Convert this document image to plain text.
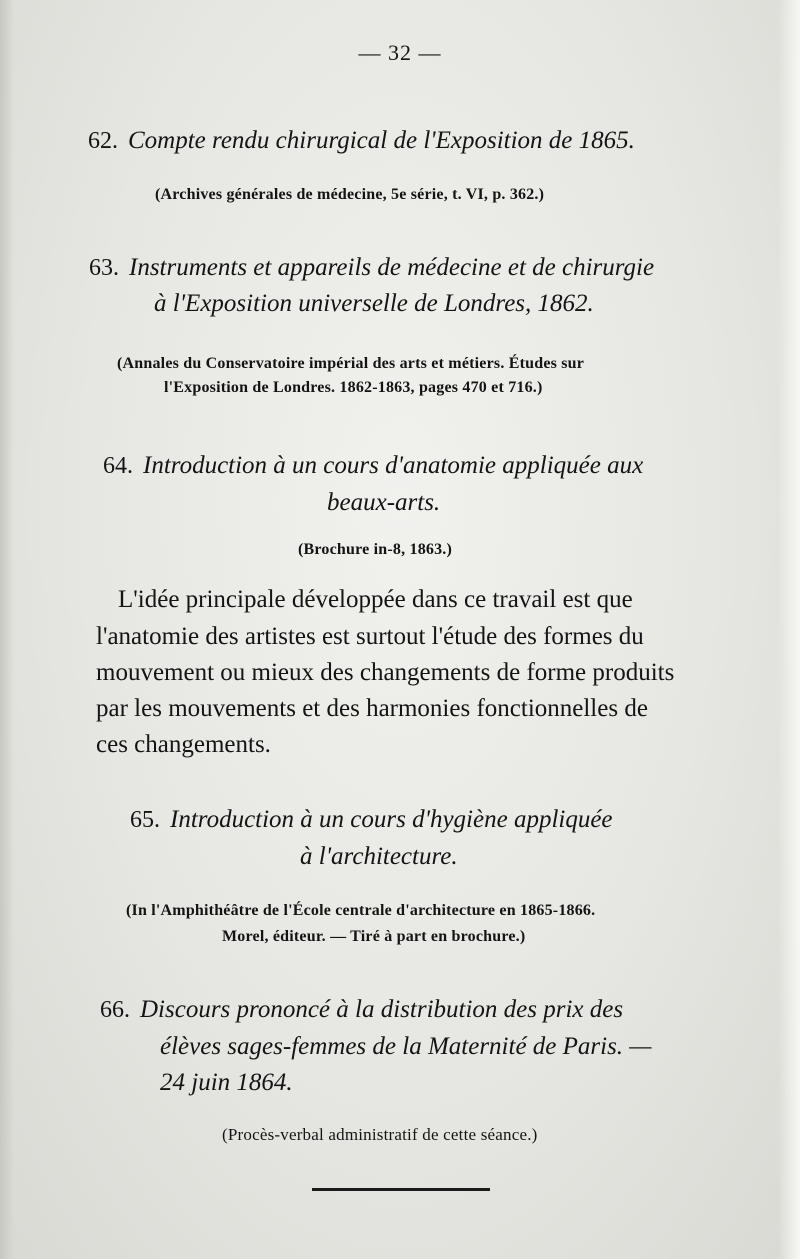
— 32 —
62. Compte rendu chirurgical de l'Exposition de 1865.
(Archives générales de médecine, 5e série, t. VI, p. 362.)
63. Instruments et appareils de médecine et de chirurgie
à l'Exposition universelle de Londres, 1862.
(Annales du Conservatoire impérial des arts et métiers. Études sur
l'Exposition de Londres. 1862-1863, pages 470 et 716.)
64. Introduction à un cours d'anatomie appliquée aux
beaux-arts.
(Brochure in-8, 1863.)
L'idée principale développée dans ce travail est que
l'anatomie des artistes est surtout l'étude des formes du
mouvement ou mieux des changements de forme produits
par les mouvements et des harmonies fonctionnelles de
ces changements.
65. Introduction à un cours d'hygiène appliquée
à l'architecture.
(In l'Amphithéâtre de l'École centrale d'architecture en 1865-1866.
Morel, éditeur. — Tiré à part en brochure.)
66. Discours prononcé à la distribution des prix des
élèves sages-femmes de la Maternité de Paris. —
24 juin 1864.
(Procès-verbal administratif de cette séance.)
